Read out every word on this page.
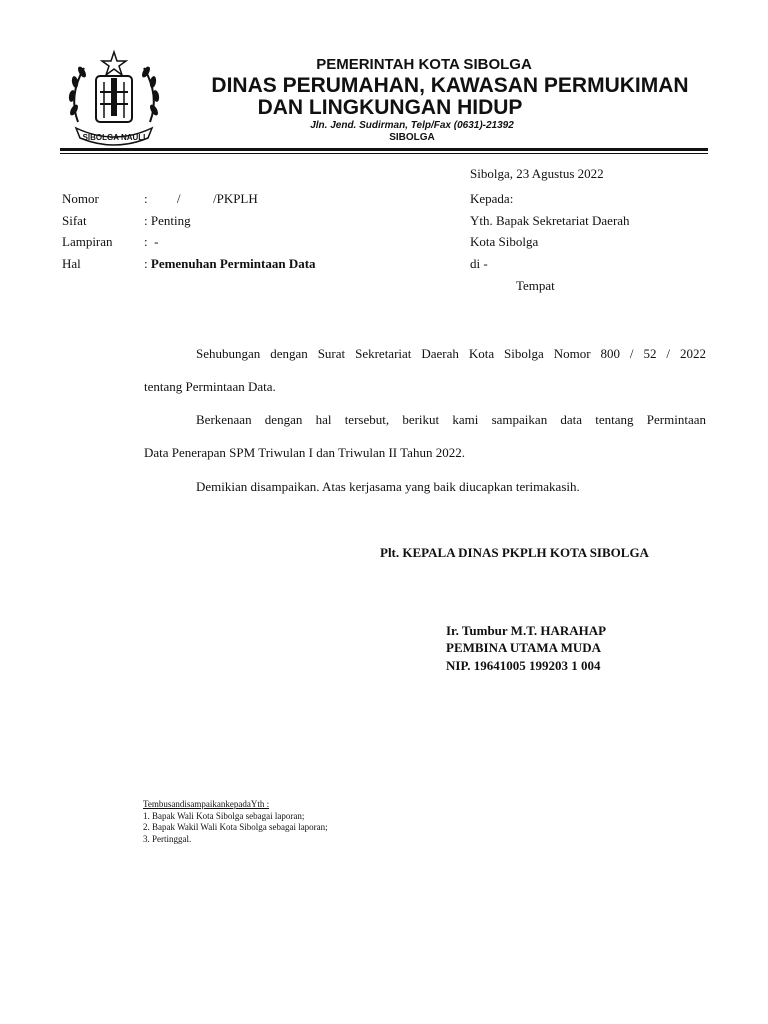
SIBOLGA NAULI
PEMERINTAH KOTA SIBOLGA
DINAS PERUMAHAN, KAWASAN PERMUKIMAN
DAN LINGKUNGAN HIDUP
Jln. Jend. Sudirman, Telp/Fax (0631)-21392
SIBOLGA
Sibolga, 23 Agustus 2022
Nomor	:         /          /PKPLH
Sifat	: Penting
Lampiran :  -
Hal	: Pemenuhan Permintaan Data
Kepada:
Yth. Bapak Sekretariat Daerah
Kota Sibolga
di -
Tempat
Sehubungan dengan Surat Sekretariat Daerah Kota Sibolga Nomor 800 / 52 / 2022
tentang Permintaan Data.
Berkenaan dengan hal tersebut, berikut kami sampaikan data tentang Permintaan
Data Penerapan SPM Triwulan I dan Triwulan II Tahun 2022.
Demikian disampaikan. Atas kerjasama yang baik diucapkan terimakasih.
Plt. KEPALA DINAS PKPLH KOTA SIBOLGA
Ir. Tumbur M.T. HARAHAP
PEMBINA UTAMA MUDA
NIP. 19641005 199203 1 004
TembusandisampaikankepadaYth :
1. Bapak Wali Kota Sibolga sebagai laporan;
2. Bapak Wakil Wali Kota Sibolga sebagai laporan;
3. Pertinggal.
